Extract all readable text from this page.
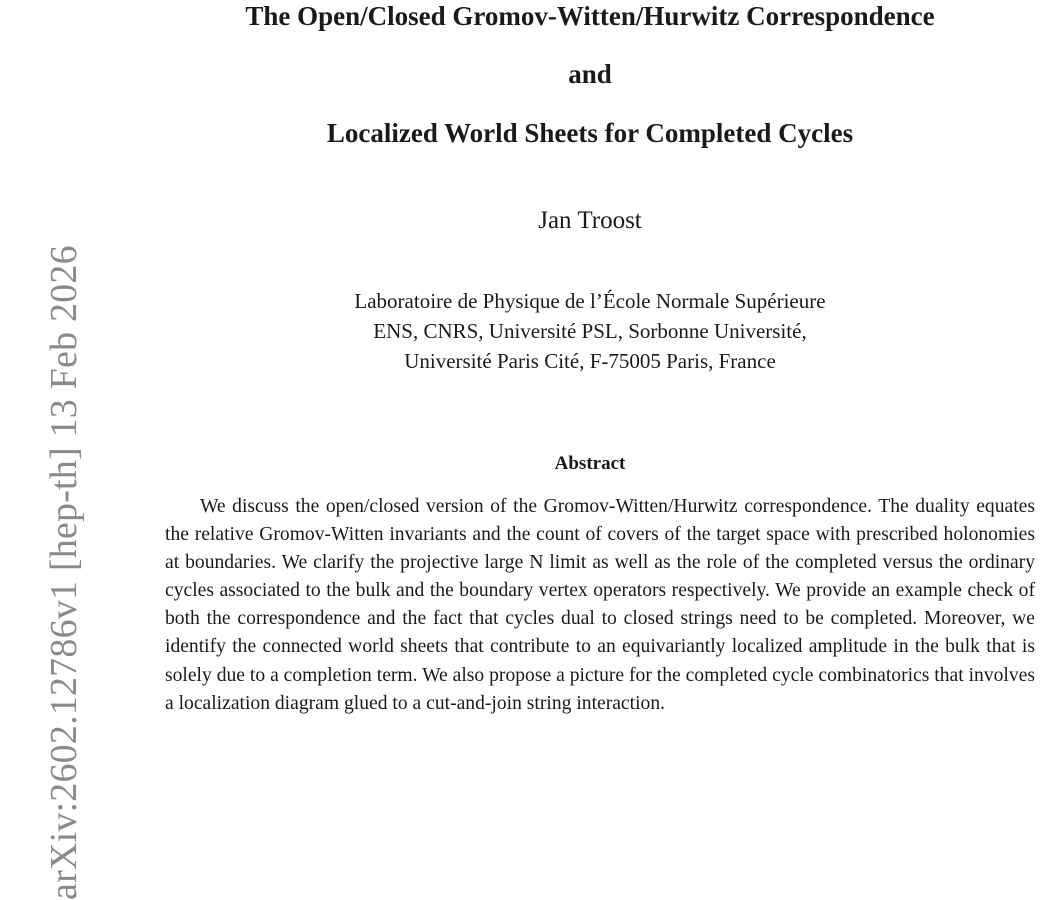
arXiv:2602.12786v1 [hep-th] 13 Feb 2026
The Open/Closed Gromov-Witten/Hurwitz Correspondence
and
Localized World Sheets for Completed Cycles
Jan Troost
Laboratoire de Physique de l’École Normale Supérieure
ENS, CNRS, Université PSL, Sorbonne Université,
Université Paris Cité, F-75005 Paris, France
Abstract
We discuss the open/closed version of the Gromov-Witten/Hurwitz correspondence. The duality equates the relative Gromov-Witten invariants and the count of covers of the target space with prescribed holonomies at boundaries. We clarify the projective large N limit as well as the role of the completed versus the ordinary cycles associated to the bulk and the boundary vertex operators respectively. We provide an example check of both the correspondence and the fact that cycles dual to closed strings need to be completed. Moreover, we identify the connected world sheets that contribute to an equivariantly localized amplitude in the bulk that is solely due to a completion term. We also propose a picture for the completed cycle combinatorics that involves a localization diagram glued to a cut-and-join string interaction.
